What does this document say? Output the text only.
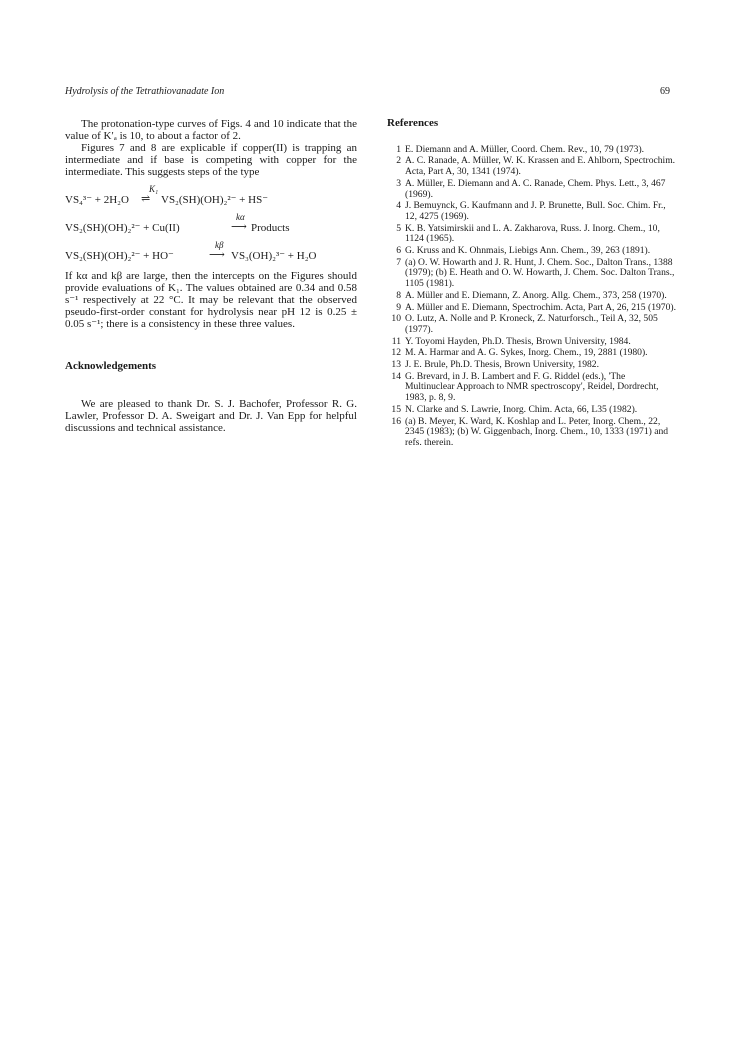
Hydrolysis of the Tetrathiovanadate Ion	69

The protonation-type curves of Figs. 4 and 10 indicate that the value of K′ₐ is 10, to about a factor of 2.

Figures 7 and 8 are explicable if copper(II) is trapping an intermediate and if base is competing with copper for the intermediate. This suggests steps of the type

VS₄³⁻ + 2H₂O
K₁
⇌ VS₂(SH)(OH)₂²⁻ + HS⁻
VS₂(SH)(OH)₂²⁻ + Cu(II)
kα
⟶ Products
VS₂(SH)(OH)₂²⁻ + HO⁻
kβ
⟶ VS₃(OH)₂³⁻ + H₂O

If kα and kβ are large, then the intercepts on the Figures should provide evaluations of K₁. The values obtained are 0.34 and 0.58 s⁻¹ respectively at 22 °C. It may be relevant that the observed pseudo-first-order constant for hydrolysis near pH 12 is 0.25 ± 0.05 s⁻¹; there is a consistency in these three values.

Acknowledgements

We are pleased to thank Dr. S. J. Bachofer, Professor R. G. Lawler, Professor D. A. Sweigart and Dr. J. Van Epp for helpful discussions and technical assistance.

References
1 E. Diemann and A. Müller, Coord. Chem. Rev., 10, 79 (1973).
2 A. C. Ranade, A. Müller, W. K. Krassen and E. Ahlborn, Spectrochim. Acta, Part A, 30, 1341 (1974).
3 A. Müller, E. Diemann and A. C. Ranade, Chem. Phys. Lett., 3, 467 (1969).
4 J. Bemuynck, G. Kaufmann and J. P. Brunette, Bull. Soc. Chim. Fr., 12, 4275 (1969).
5 K. B. Yatsimirskii and L. A. Zakharova, Russ. J. Inorg. Chem., 10, 1124 (1965).
6 G. Kruss and K. Ohnmais, Liebigs Ann. Chem., 39, 263 (1891).
7 (a) O. W. Howarth and J. R. Hunt, J. Chem. Soc., Dalton Trans., 1388 (1979); (b) E. Heath and O. W. Howarth, J. Chem. Soc. Dalton Trans., 1105 (1981).
8 A. Müller and E. Diemann, Z. Anorg. Allg. Chem., 373, 258 (1970).
9 A. Müller and E. Diemann, Spectrochim. Acta, Part A, 26, 215 (1970).
10 O. Lutz, A. Nolle and P. Kroneck, Z. Naturforsch., Teil A, 32, 505 (1977).
11 Y. Toyomi Hayden, Ph.D. Thesis, Brown University, 1984.
12 M. A. Harmar and A. G. Sykes, Inorg. Chem., 19, 2881 (1980).
13 J. E. Brule, Ph.D. Thesis, Brown University, 1982.
14 G. Brevard, in J. B. Lambert and F. G. Riddel (eds.), 'The Multinuclear Approach to NMR spectroscopy', Reidel, Dordrecht, 1983, p. 8, 9.
15 N. Clarke and S. Lawrie, Inorg. Chim. Acta, 66, L35 (1982).
16 (a) B. Meyer, K. Ward, K. Koshlap and L. Peter, Inorg. Chem., 22, 2345 (1983); (b) W. Giggenbach, Inorg. Chem., 10, 1333 (1971) and refs. therein.
